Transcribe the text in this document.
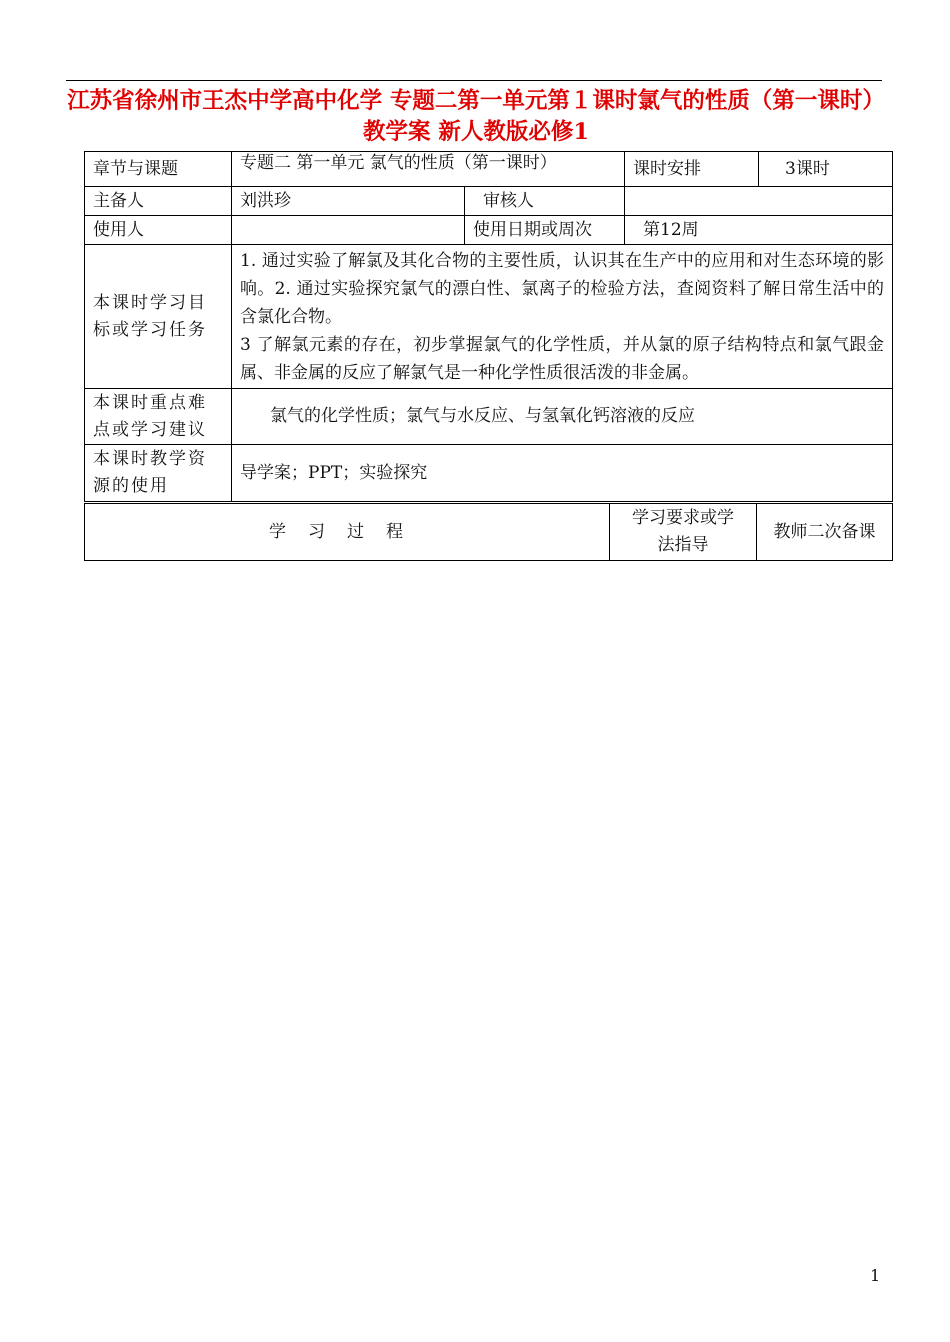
江苏省徐州市王杰中学高中化学 专题二第一单元第１课时氯气的性质（第一课时）教学案 新人教版必修1
章节与课题	专题二 第一单元 氯气的性质（第一课时）		课时安排	3课时
主备人	刘洪珍	审核人		
使用人		使用日期或周次	第12周	
本课时学习目标或学习任务	1. 通过实验了解氯及其化合物的主要性质，认识其在生产中的应用和对生态环境的影响。2. 通过实验探究氯气的漂白性、氯离子的检验方法，查阅资料了解日常生活中的含氯化合物。
3 了解氯元素的存在，初步掌握氯气的化学性质，并从氯的原子结构特点和氯气跟金属、非金属的反应了解氯气是一种化学性质很活泼的非金属。			
本课时重点难点或学习建议	氯气的化学性质；氯气与水反应、与氢氧化钙溶液的反应			
本课时教学资源的使用	导学案；PPT；实验探究			
学习过程	学习要求或学法指导	教师二次备课
1
